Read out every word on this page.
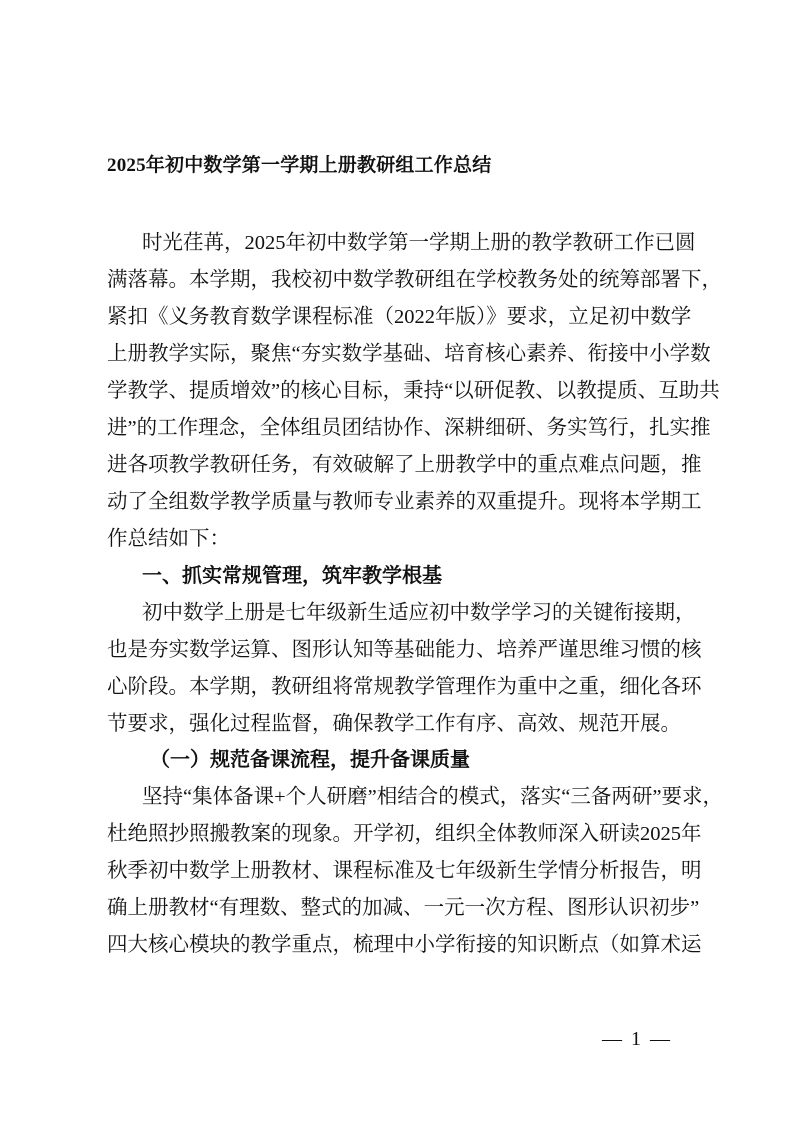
2025年初中数学第一学期上册教研组工作总结
时光荏苒，2025年初中数学第一学期上册的教学教研工作已圆
满落幕。本学期，我校初中数学教研组在学校教务处的统筹部署下，
紧扣《义务教育数学课程标准（2022年版）》要求，立足初中数学
上册教学实际，聚焦“夯实数学基础、培育核心素养、衔接中小学数
学教学、提质增效”的核心目标，秉持“以研促教、以教提质、互助共
进”的工作理念，全体组员团结协作、深耕细研、务实笃行，扎实推
进各项教学教研任务，有效破解了上册教学中的重点难点问题，推
动了全组数学教学质量与教师专业素养的双重提升。现将本学期工
作总结如下：
一、抓实常规管理，筑牢教学根基
初中数学上册是七年级新生适应初中数学学习的关键衔接期，
也是夯实数学运算、图形认知等基础能力、培养严谨思维习惯的核
心阶段。本学期，教研组将常规教学管理作为重中之重，细化各环
节要求，强化过程监督，确保教学工作有序、高效、规范开展。
（一）规范备课流程，提升备课质量
坚持“集体备课+个人研磨”相结合的模式，落实“三备两研”要求，
杜绝照抄照搬教案的现象。开学初，组织全体教师深入研读2025年
秋季初中数学上册教材、课程标准及七年级新生学情分析报告，明
确上册教材“有理数、整式的加减、一元一次方程、图形认识初步”
四大核心模块的教学重点，梳理中小学衔接的知识断点（如算术运
— 1 —
